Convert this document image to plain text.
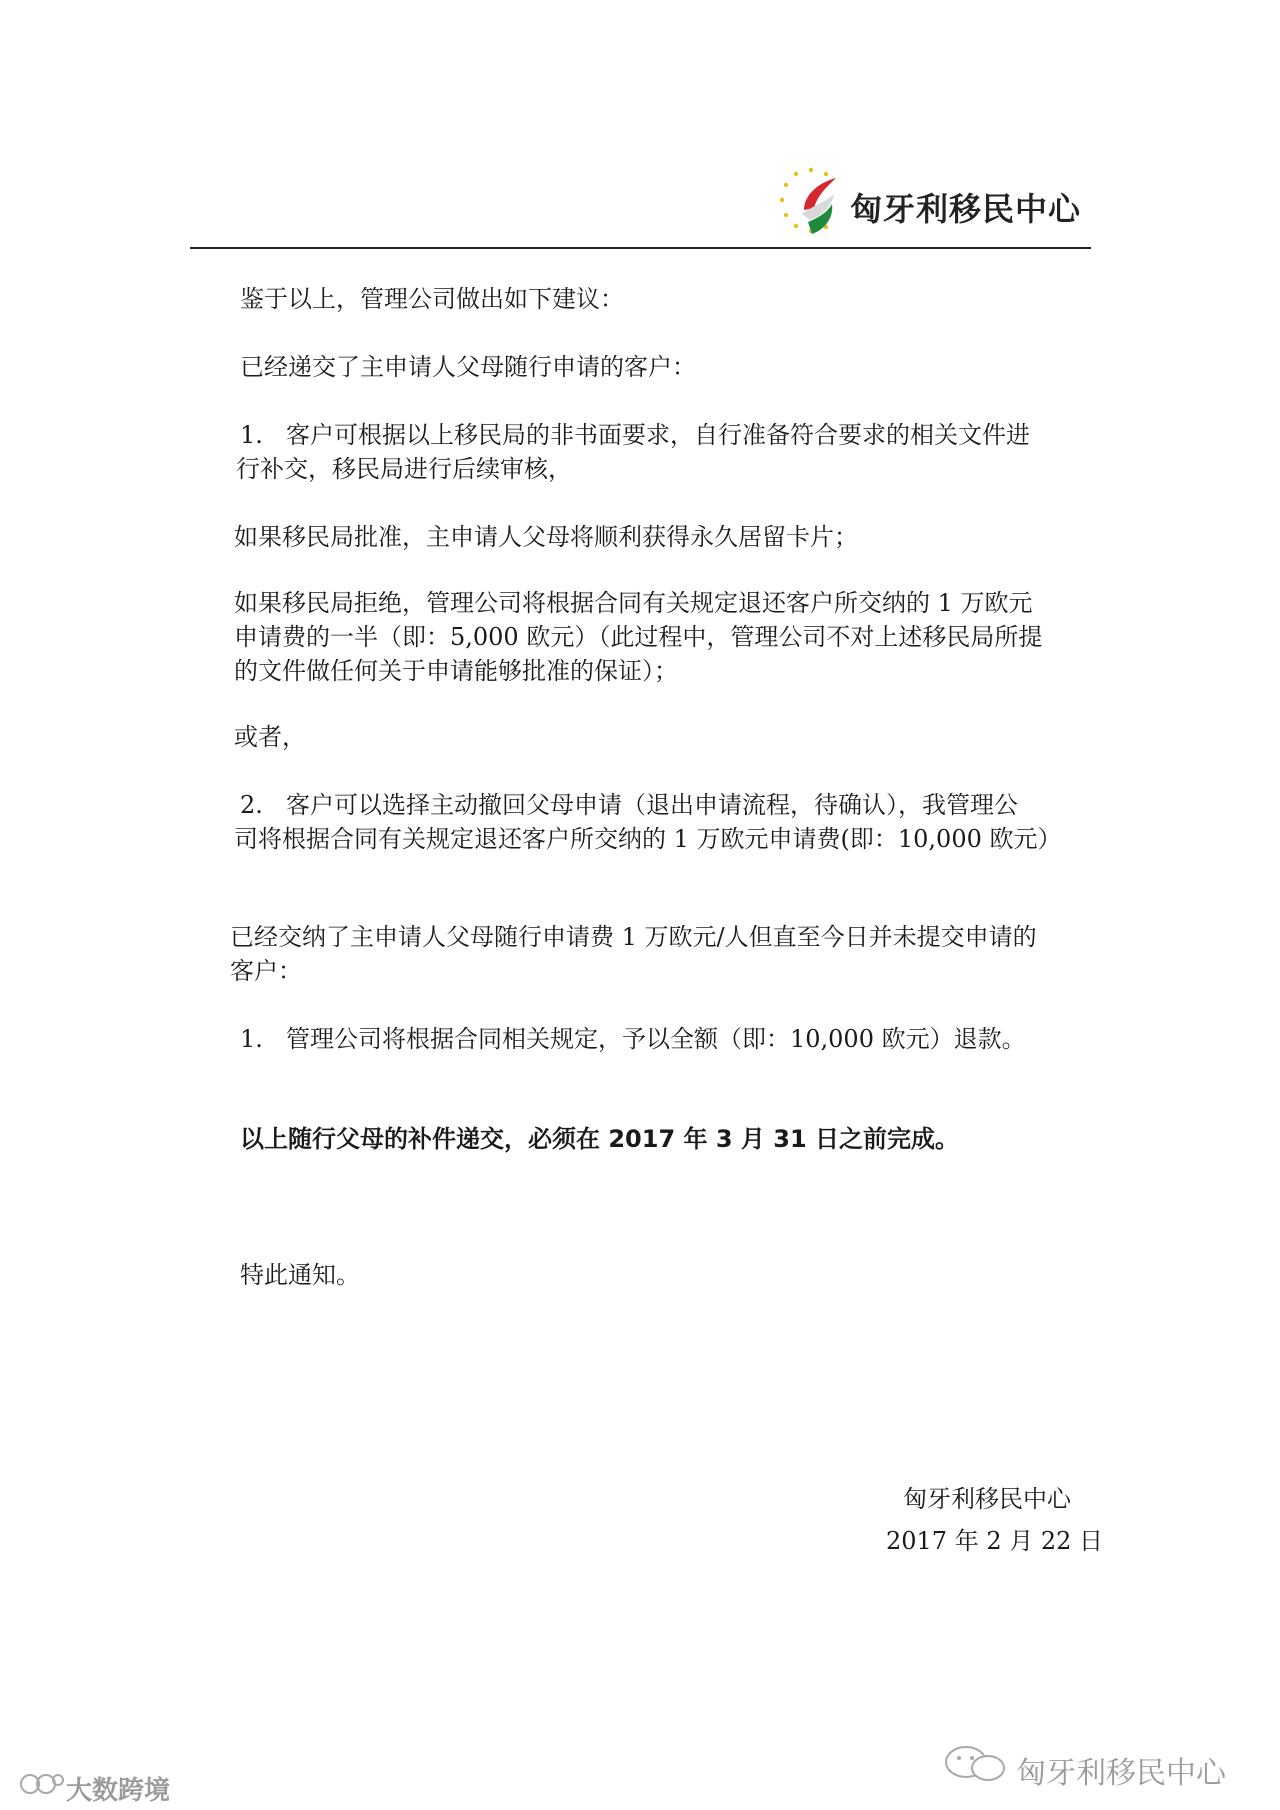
匈牙利移民中心
鉴于以上，管理公司做出如下建议：
已经递交了主申请人父母随行申请的客户：
1. 客户可根据以上移民局的非书面要求，自行准备符合要求的相关文件进
行补交，移民局进行后续审核，
如果移民局批准，主申请人父母将顺利获得永久居留卡片；
如果移民局拒绝，管理公司将根据合同有关规定退还客户所交纳的 1 万欧元
申请费的一半（即：5,000 欧元）（此过程中，管理公司不对上述移民局所提
的文件做任何关于申请能够批准的保证）；
或者，
2. 客户可以选择主动撤回父母申请（退出申请流程，待确认），我管理公
司将根据合同有关规定退还客户所交纳的 1 万欧元申请费(即：10,000 欧元）
已经交纳了主申请人父母随行申请费 1 万欧元/人但直至今日并未提交申请的
客户：
1. 管理公司将根据合同相关规定，予以全额（即：10,000 欧元）退款。
以上随行父母的补件递交，必须在 2017 年 3 月 31 日之前完成。
特此通知。
匈牙利移民中心
2017 年 2 月 22 日
匈牙利移民中心
大数跨境
